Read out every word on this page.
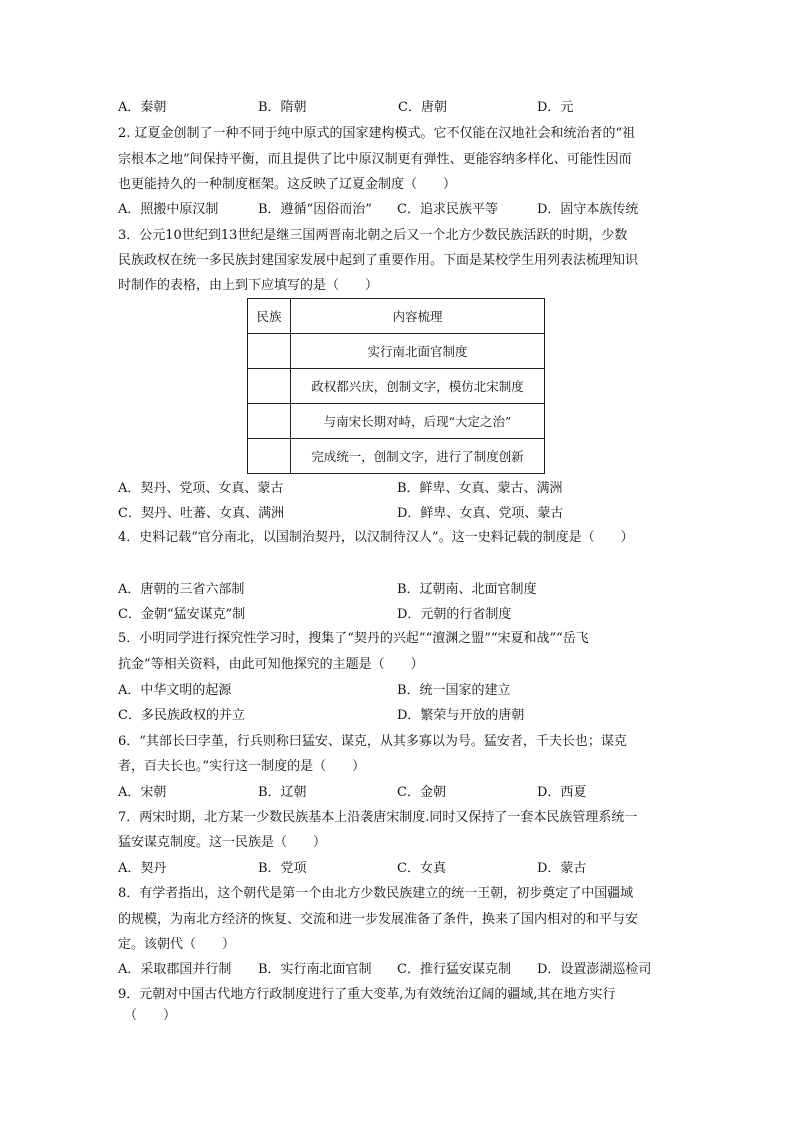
A．秦朝	B．隋朝	C．唐朝	D．元
2. 辽夏金创制了一种不同于纯中原式的国家建构模式。它不仅能在汉地社会和统治者的“祖
宗根本之地”间保持平衡，而且提供了比中原汉制更有弹性、更能容纳多样化、可能性因而
也更能持久的一种制度框架。这反映了辽夏金制度（　　）
A．照搬中原汉制	B．遵循“因俗而治” C．追求民族平等	D．固守本族传统
3．公元10世纪到13世纪是继三国两晋南北朝之后又一个北方少数民族活跃的时期，少数
民族政权在统一多民族封建国家发展中起到了重要作用。下面是某校学生用列表法梳理知识
时制作的表格，由上到下应填写的是（　　）
民族	内容梳理
	实行南北面官制度
	政权都兴庆，创制文字，模仿北宋制度
	与南宋长期对峙，后现“大定之治”
	完成统一，创制文字，进行了制度创新
A．契丹、党项、女真、蒙古	B．鲜卑、女真、蒙古、满洲
C．契丹、吐蕃、女真、满洲	D．鲜卑、女真、党项、蒙古
4．史料记载“官分南北，以国制治契丹，以汉制待汉人”。这一史料记载的制度是（　　）
A．唐朝的三省六部制	B．辽朝南、北面官制度
C．金朝“猛安谋克”制	D．元朝的行省制度
5．小明同学进行探究性学习时，搜集了“契丹的兴起”“澶渊之盟”“宋夏和战”“岳飞
抗金”等相关资料，由此可知他探究的主题是（　　）
A．中华文明的起源	B．统一国家的建立
C．多民族政权的并立	D．繁荣与开放的唐朝
6．“其部长曰孛堇，行兵则称曰猛安、谋克，从其多寡以为号。猛安者，千夫长也；谋克
者，百夫长也。”实行这一制度的是（　　）
A．宋朝	B．辽朝	C．金朝	D．西夏
7．两宋时期，北方某一少数民族基本上沿袭唐宋制度.同时又保持了一套本民族管理系统一
猛安谋克制度。这一民族是（　　）
A．契丹	B．党项	C．女真	D．蒙古
8．有学者指出，这个朝代是第一个由北方少数民族建立的统一王朝，初步奠定了中国疆域
的规模，为南北方经济的恢复、交流和进一步发展准备了条件，换来了国内相对的和平与安
定。该朝代（　　）
A．采取郡国并行制 B．实行南北面官制 C．推行猛安谋克制 D．设置澎湖巡检司
9．元朝对中国古代地方行政制度进行了重大变革,为有效统治辽阔的疆域,其在地方实行
（　　）
